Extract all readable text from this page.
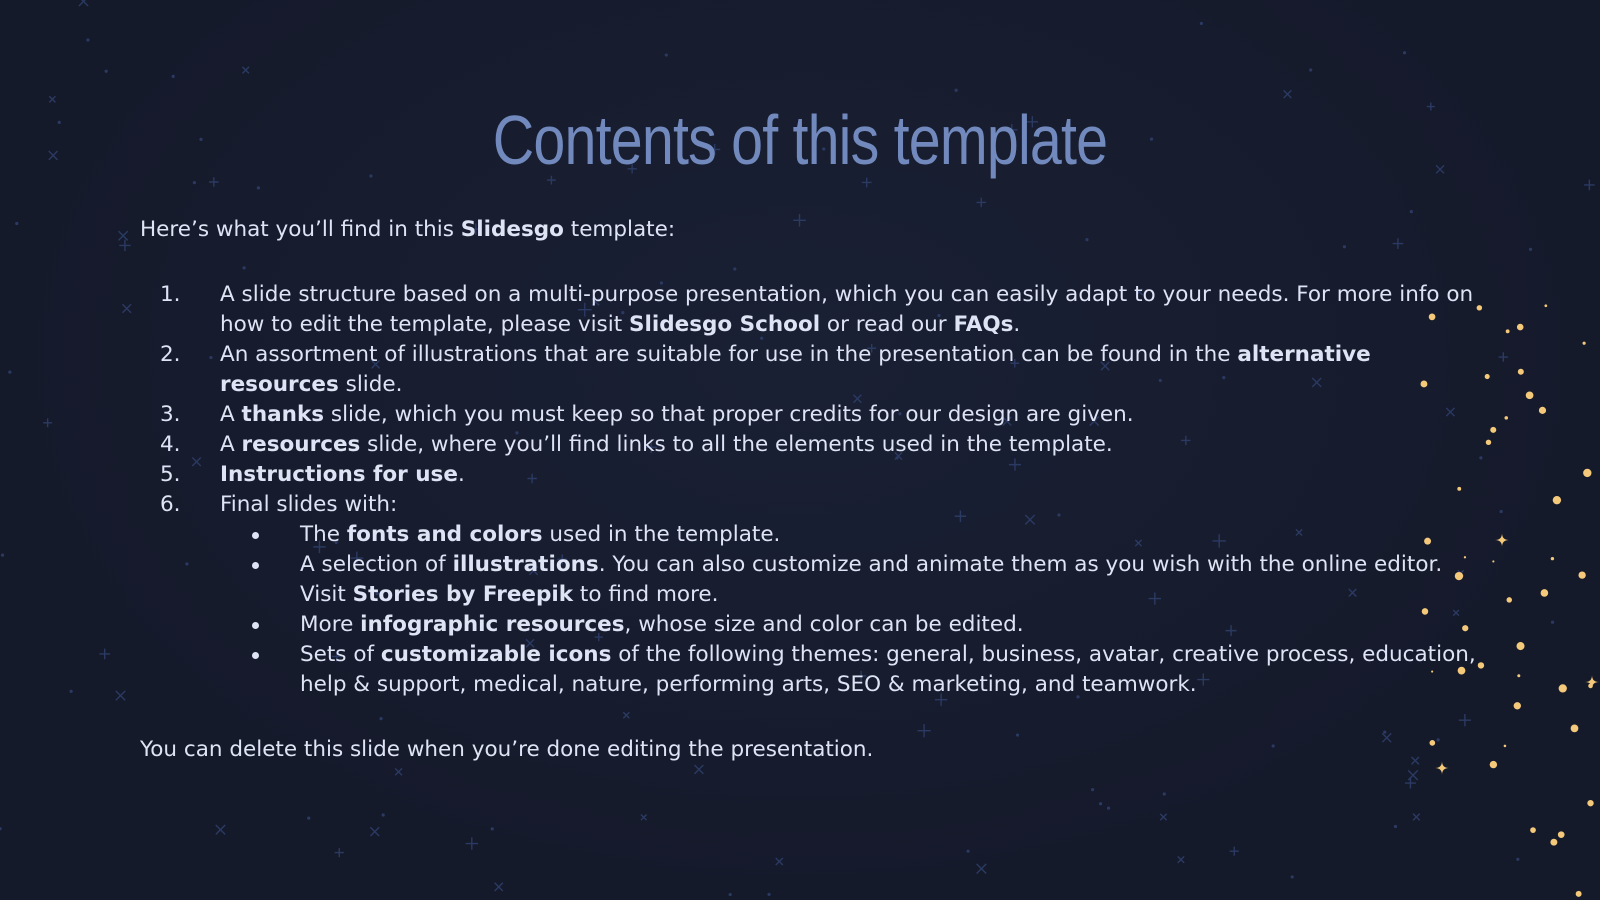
Contents of this template

Here’s what you’ll find in this Slidesgo template:

1. A slide structure based on a multi-purpose presentation, which you can easily adapt to your needs. For more info on how to edit the template, please visit Slidesgo School or read our FAQs.
2. An assortment of illustrations that are suitable for use in the presentation can be found in the alternative resources slide.
3. A thanks slide, which you must keep so that proper credits for our design are given.
4. A resources slide, where you’ll find links to all the elements used in the template.
5. Instructions for use.
6. Final slides with:
The fonts and colors used in the template.
A selection of illustrations. You can also customize and animate them as you wish with the online editor. Visit Stories by Freepik to find more.
More infographic resources, whose size and color can be edited.
Sets of customizable icons of the following themes: general, business, avatar, creative process, education, help & support, medical, nature, performing arts, SEO & marketing, and teamwork.

You can delete this slide when you’re done editing the presentation.
